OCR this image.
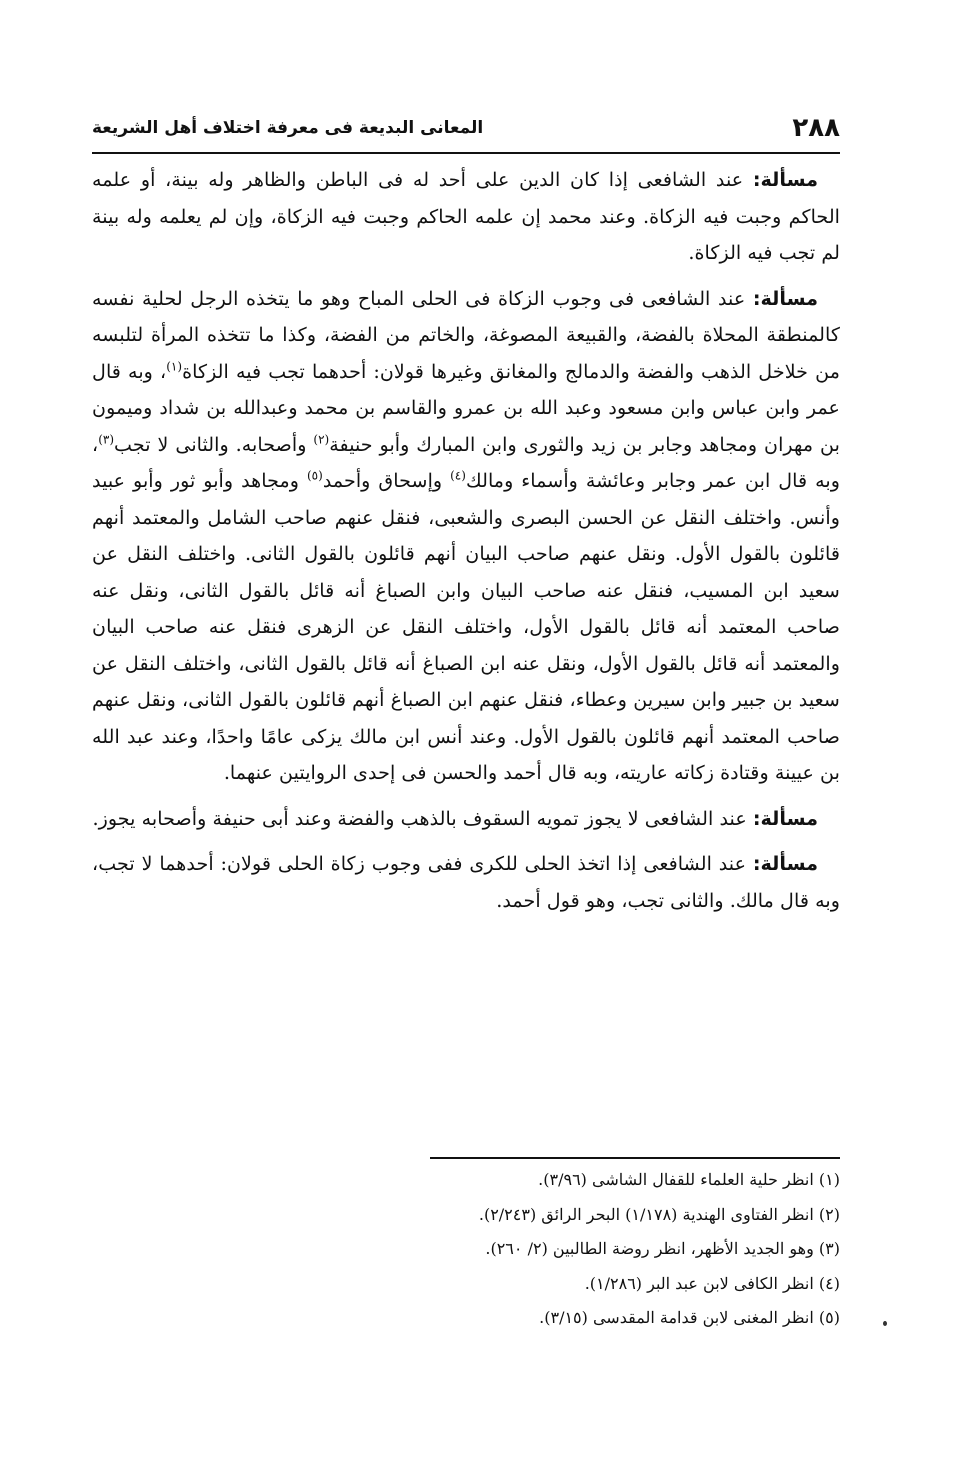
٢٨٨
المعانى البديعة فى معرفة اختلاف أهل الشريعة

مسألة: عند الشافعى إذا كان الدين على أحد له فى الباطن والظاهر وله بينة، أو علمه الحاكم وجبت فيه الزكاة. وعند محمد إن علمه الحاكم وجبت فيه الزكاة، وإن لم يعلمه وله بينة لم تجب فيه الزكاة.

مسألة: عند الشافعى فى وجوب الزكاة فى الحلى المباح وهو ما يتخذه الرجل لحلية نفسه كالمنطقة المحلاة بالفضة، والقبيعة المصوغة، والخاتم من الفضة، وكذا ما تتخذه المرأة لتلبسه من خلاخل الذهب والفضة والدمالج والمغانق وغيرها قولان: أحدهما تجب فيه الزكاة$^{(١)}$، وبه قال عمر وابن عباس وابن مسعود وعبد الله بن عمرو والقاسم بن محمد وعبدالله بن شداد وميمون بن مهران ومجاهد وجابر بن زيد والثورى وابن المبارك وأبو حنيفة$^{(٢)}$ وأصحابه. والثانى لا تجب$^{(٣)}$، وبه قال ابن عمر وجابر وعائشة وأسماء ومالك$^{(٤)}$ وإسحاق وأحمد$^{(٥)}$ ومجاهد وأبو ثور وأبو عبيد وأنس. واختلف النقل عن الحسن البصرى والشعبى، فنقل عنهم صاحب الشامل والمعتمد أنهم قائلون بالقول الأول. ونقل عنهم صاحب البيان أنهم قائلون بالقول الثانى. واختلف النقل عن سعيد ابن المسيب، فنقل عنه صاحب البيان وابن الصباغ أنه قائل بالقول الثانى، ونقل عنه صاحب المعتمد أنه قائل بالقول الأول، واختلف النقل عن الزهرى فنقل عنه صاحب البيان والمعتمد أنه قائل بالقول الأول، ونقل عنه ابن الصباغ أنه قائل بالقول الثانى، واختلف النقل عن سعيد بن جبير وابن سيرين وعطاء، فنقل عنهم ابن الصباغ أنهم قائلون بالقول الثانى، ونقل عنهم صاحب المعتمد أنهم قائلون بالقول الأول. وعند أنس ابن مالك يزكى عامًا واحدًا، وعند عبد الله بن عيينة وقتادة زكاته عاريته، وبه قال أحمد والحسن فى إحدى الروايتين عنهما.

مسألة: عند الشافعى لا يجوز تمويه السقوف بالذهب والفضة وعند أبى حنيفة وأصحابه يجوز.

مسألة: عند الشافعى إذا اتخذ الحلى للكرى ففى وجوب زكاة الحلى قولان: أحدهما لا تجب، وبه قال مالك. والثانى تجب، وهو قول أحمد.

(١) انظر حلية العلماء للقفال الشاشى (٣/٩٦).

(٢) انظر الفتاوى الهندية (١/١٧٨) البحر الرائق (٢/٢٤٣).

(٣) وهو الجديد الأظهر، انظر روضة الطالبين (٢/ ٢٦٠).

(٤) انظر الكافى لابن عبد البر (١/٢٨٦).

(٥) انظر المغنى لابن قدامة المقدسى (٣/١٥).
